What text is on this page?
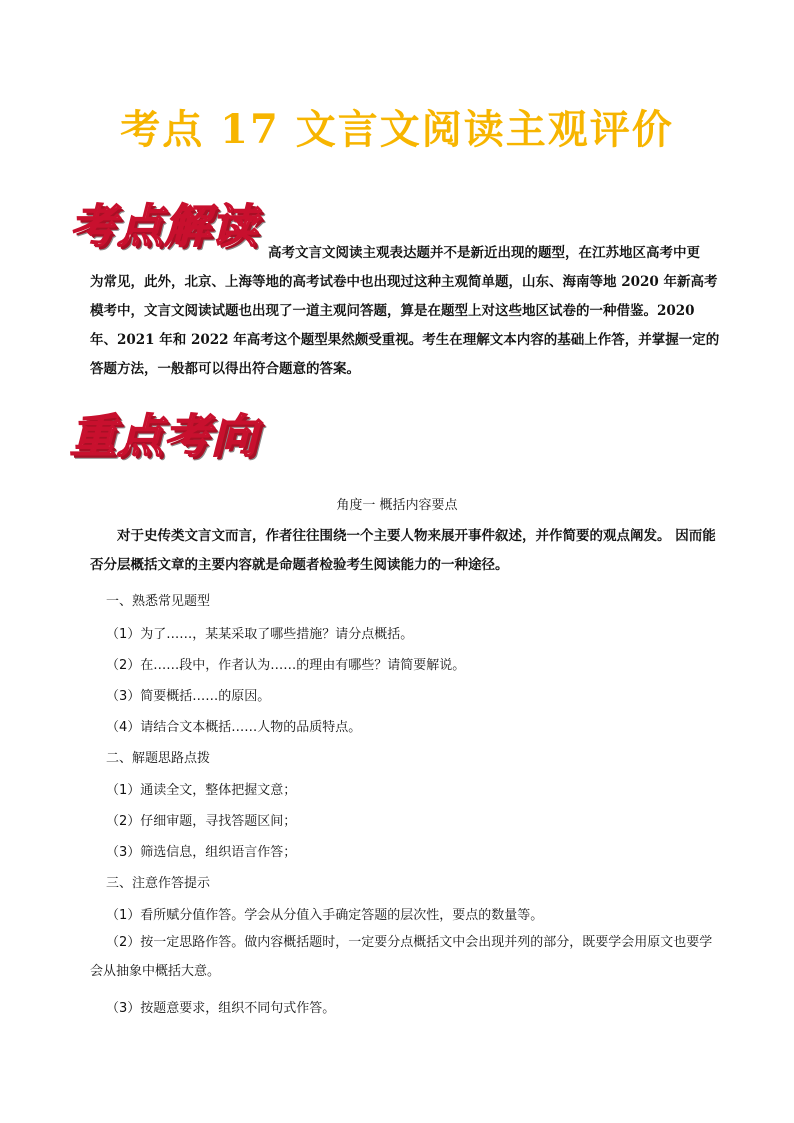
考点 17 文言文阅读主观评价
考点解读 高考文言文阅读主观表达题并不是新近出现的题型，在江苏地区高考中更
为常见，此外，北京、上海等地的高考试卷中也出现过这种主观简单题，山东、海南等地 2020 年新高考模考中，文言文阅读试题也出现了一道主观问答题，算是在题型上对这些地区试卷的一种借鉴。2020 年、2021 年和 2022 年高考这个题型果然颇受重视。考生在理解文本内容的基础上作答，并掌握一定的答题方法，一般都可以得出符合题意的答案。
重点考向
角度一 概括内容要点
对于史传类文言文而言，作者往往围绕一个主要人物来展开事件叙述，并作简要的观点阐发。 因而能否分层概括文章的主要内容就是命题者检验考生阅读能力的一种途径。
一、熟悉常见题型
（1）为了……，某某采取了哪些措施？请分点概括。
（2）在……段中，作者认为……的理由有哪些？请简要解说。
（3）简要概括……的原因。
（4）请结合文本概括……人物的品质特点。
二、解题思路点拨
（1）通读全文，整体把握文意；
（2）仔细审题，寻找答题区间；
（3）筛选信息，组织语言作答；
三、注意作答提示
（1）看所赋分值作答。学会从分值入手确定答题的层次性，要点的数量等。
（2）按一定思路作答。做内容概括题时，一定要分点概括文中会出现并列的部分，既要学会用原文也要学会从抽象中概括大意。
（3）按题意要求，组织不同句式作答。
